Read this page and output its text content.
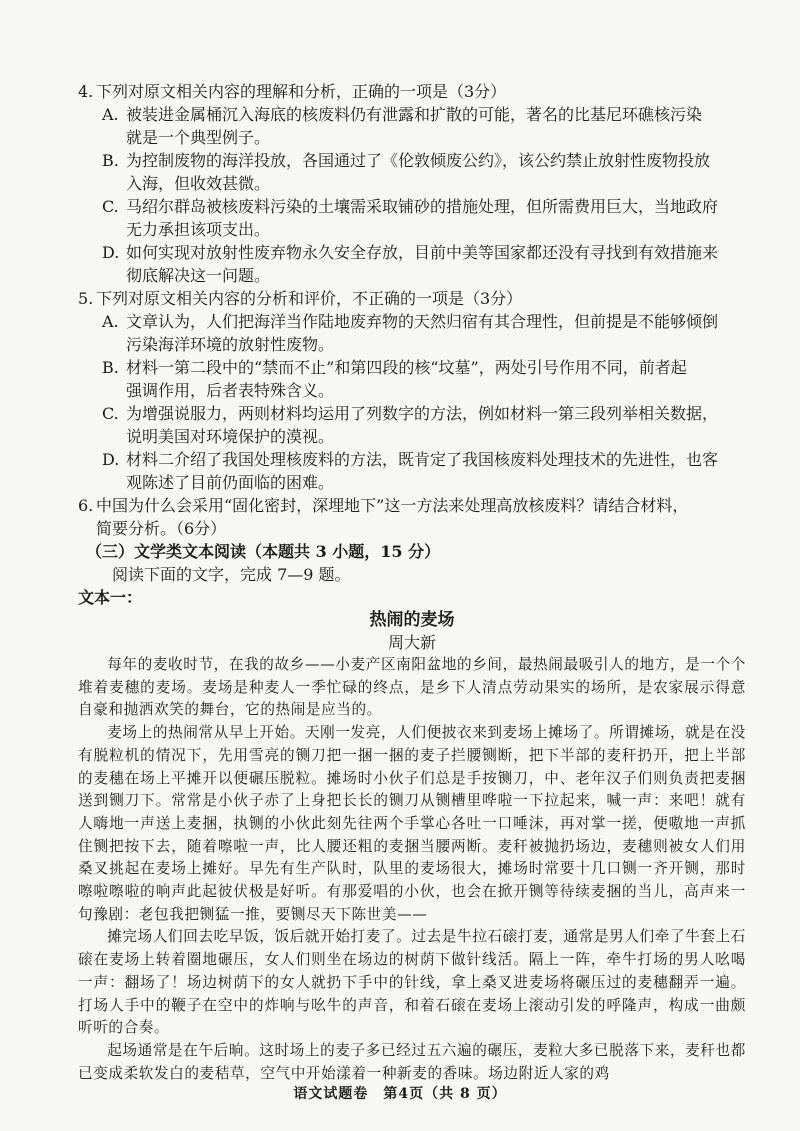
4. 下列对原文相关内容的理解和分析，正确的一项是（3分）
A. 被装进金属桶沉入海底的核废料仍有泄露和扩散的可能，著名的比基尼环礁核污染
就是一个典型例子。
B. 为控制废物的海洋投放，各国通过了《伦敦倾废公约》，该公约禁止放射性废物投放
入海，但收效甚微。
C. 马绍尔群岛被核废料污染的土壤需采取铺砂的措施处理，但所需费用巨大，当地政府
无力承担该项支出。
D. 如何实现对放射性废弃物永久安全存放，目前中美等国家都还没有寻找到有效措施来
彻底解决这一问题。
5. 下列对原文相关内容的分析和评价，不正确的一项是（3分）
A. 文章认为，人们把海洋当作陆地废弃物的天然归宿有其合理性，但前提是不能够倾倒
污染海洋环境的放射性废物。
B. 材料一第二段中的“禁而不止”和第四段的核“坟墓”，两处引号作用不同，前者起
强调作用，后者表特殊含义。
C. 为增强说服力，两则材料均运用了列数字的方法，例如材料一第三段列举相关数据，
说明美国对环境保护的漠视。
D. 材料二介绍了我国处理核废料的方法，既肯定了我国核废料处理技术的先进性，也客
观陈述了目前仍面临的困难。
6. 中国为什么会采用“固化密封，深埋地下”这一方法来处理高放核废料？请结合材料，
简要分析。（6分）
（三）文学类文本阅读（本题共 3 小题，15 分）
阅读下面的文字，完成 7—9 题。
文本一：
热闹的麦场
周大新

每年的麦收时节，在我的故乡——小麦产区南阳盆地的乡间，最热闹最吸引人的地方，是一个个堆着麦穗的麦场。麦场是种麦人一季忙碌的终点，是乡下人清点劳动果实的场所，是农家展示得意自豪和抛洒欢笑的舞台，它的热闹是应当的。

麦场上的热闹常从早上开始。天刚一发亮，人们便披衣来到麦场上摊场了。所谓摊场，就是在没有脱粒机的情况下，先用雪亮的铡刀把一捆一捆的麦子拦腰铡断，把下半部的麦秆扔开，把上半部的麦穗在场上平摊开以便碾压脱粒。摊场时小伙子们总是手按铡刀，中、老年汉子们则负责把麦捆送到铡刀下。常常是小伙子赤了上身把长长的铡刀从铡槽里哗啦一下拉起来，喊一声：来吧！就有人嗨地一声送上麦捆，执铡的小伙此刻先往两个手掌心各吐一口唾沫，再对掌一搓，便嗷地一声抓住铡把按下去，随着嚓啦一声，比人腰还粗的麦捆当腰两断。麦秆被抛扔场边，麦穗则被女人们用桑叉挑起在麦场上摊好。早先有生产队时，队里的麦场很大，摊场时常要十几口铡一齐开铡，那时嚓啦嚓啦的响声此起彼伏极是好听。有那爱唱的小伙，也会在掀开铡等待续麦捆的当儿，高声来一句豫剧：老包我把铡猛一推，要铡尽天下陈世美——

摊完场人们回去吃早饭，饭后就开始打麦了。过去是牛拉石磙打麦，通常是男人们牵了牛套上石磙在麦场上转着圈地碾压，女人们则坐在场边的树荫下做针线活。隔上一阵，牵牛打场的男人吆喝一声：翻场了！场边树荫下的女人就扔下手中的针线，拿上桑叉进麦场将碾压过的麦穗翻弄一遍。打场人手中的鞭子在空中的炸响与吆牛的声音，和着石磙在麦场上滚动引发的呼隆声，构成一曲颇听听的合奏。

起场通常是在午后晌。这时场上的麦子多已经过五六遍的碾压，麦粒大多已脱落下来，麦秆也都已变成柔软发白的麦秸草，空气中开始漾着一种新麦的香味。场边附近人家的鸡

语文试题卷　第4页（共 8 页）
